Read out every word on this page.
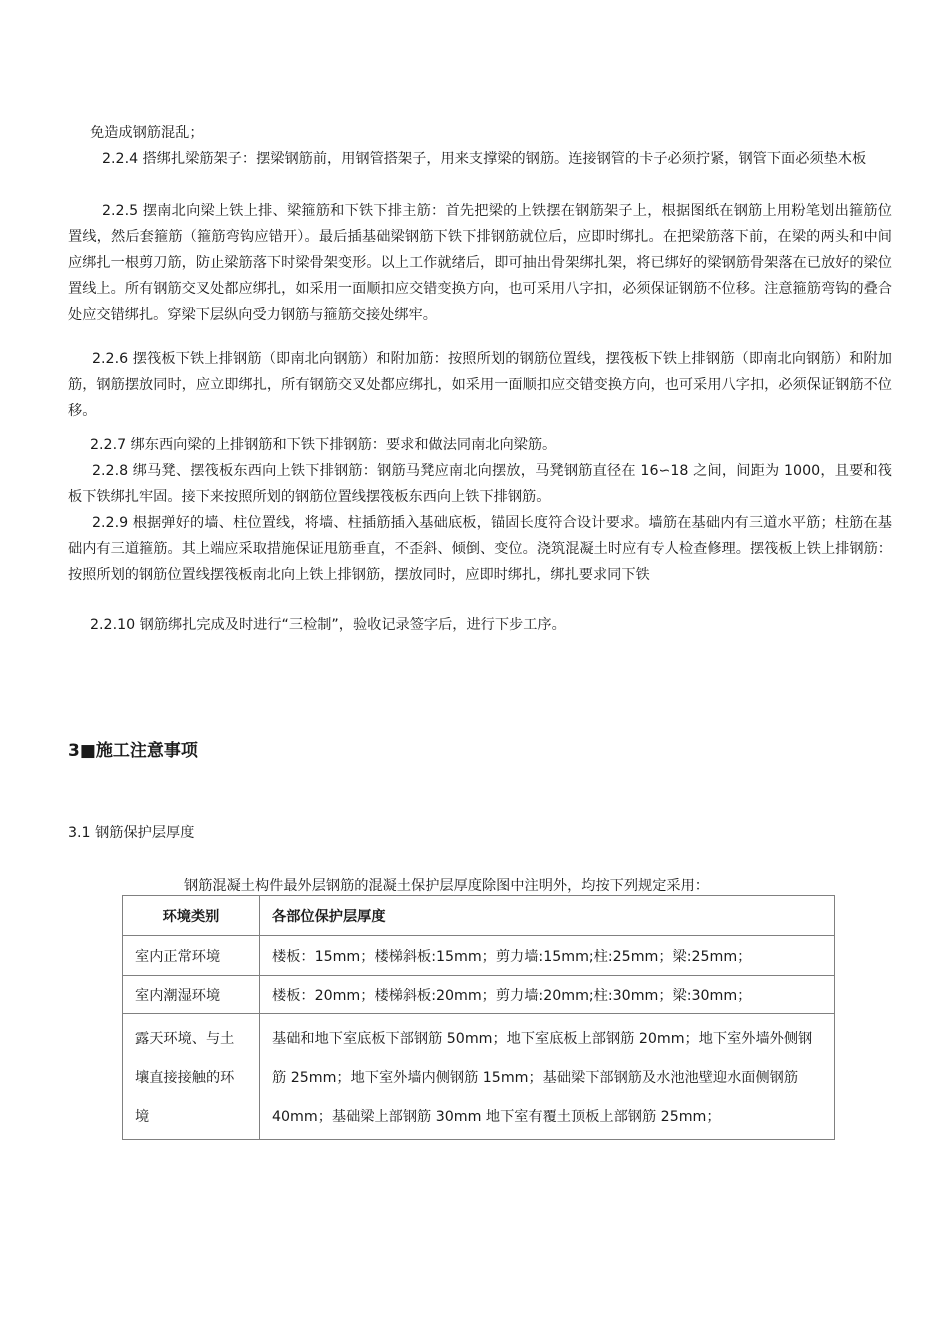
免造成钢筋混乱；

2.2.4 搭绑扎梁筋架子：摆梁钢筋前，用钢管搭架子，用来支撑梁的钢筋。连接钢管的卡子必须拧紧，钢管下面必须垫木板

2.2.5 摆南北向梁上铁上排、梁箍筋和下铁下排主筋：首先把梁的上铁摆在钢筋架子上，根据图纸在钢筋上用粉笔划出箍筋位置线，然后套箍筋（箍筋弯钩应错开）。最后插基础梁钢筋下铁下排钢筋就位后，应即时绑扎。在把梁筋落下前，在梁的两头和中间应绑扎一根剪刀筋，防止梁筋落下时梁骨架变形。以上工作就绪后，即可抽出骨架绑扎架，将已绑好的梁钢筋骨架落在已放好的梁位置线上。所有钢筋交叉处都应绑扎，如采用一面顺扣应交错变换方向，也可采用八字扣，必须保证钢筋不位移。注意箍筋弯钩的叠合处应交错绑扎。穿梁下层纵向受力钢筋与箍筋交接处绑牢。

2.2.6 摆筏板下铁上排钢筋（即南北向钢筋）和附加筋：按照所划的钢筋位置线，摆筏板下铁上排钢筋（即南北向钢筋）和附加筋，钢筋摆放同时，应立即绑扎，所有钢筋交叉处都应绑扎，如采用一面顺扣应交错变换方向，也可采用八字扣，必须保证钢筋不位移。

2.2.7 绑东西向梁的上排钢筋和下铁下排钢筋：要求和做法同南北向梁筋。

2.2.8 绑马凳、摆筏板东西向上铁下排钢筋：钢筋马凳应南北向摆放，马凳钢筋直径在 16∽18 之间，间距为 1000，且要和筏板下铁绑扎牢固。接下来按照所划的钢筋位置线摆筏板东西向上铁下排钢筋。

2.2.9 根据弹好的墙、柱位置线，将墙、柱插筋插入基础底板，锚固长度符合设计要求。墙筋在基础内有三道水平筋；柱筋在基础内有三道箍筋。其上端应采取措施保证甩筋垂直，不歪斜、倾倒、变位。浇筑混凝土时应有专人检查修理。摆筏板上铁上排钢筋：按照所划的钢筋位置线摆筏板南北向上铁上排钢筋，摆放同时，应即时绑扎，绑扎要求同下铁

2.2.10 钢筋绑扎完成及时进行“三检制”，验收记录签字后，进行下步工序。

3■施工注意事项

3.1 钢筋保护层厚度

钢筋混凝土构件最外层钢筋的混凝土保护层厚度除图中注明外，均按下列规定采用：

环境类别	各部位保护层厚度
室内正常环境	楼板：15mm；楼梯斜板:15mm；剪力墙:15mm;柱:25mm；梁:25mm；
室内潮湿环境	楼板：20mm；楼梯斜板:20mm；剪力墙:20mm;柱:30mm；梁:30mm；
露天环境、与土壤直接接触的环境	基础和地下室底板下部钢筋 50mm；地下室底板上部钢筋 20mm；地下室外墙外侧钢筋 25mm；地下室外墙内侧钢筋 15mm；基础梁下部钢筋及水池池壁迎水面侧钢筋 40mm；基础梁上部钢筋 30mm 地下室有覆土顶板上部钢筋 25mm；
